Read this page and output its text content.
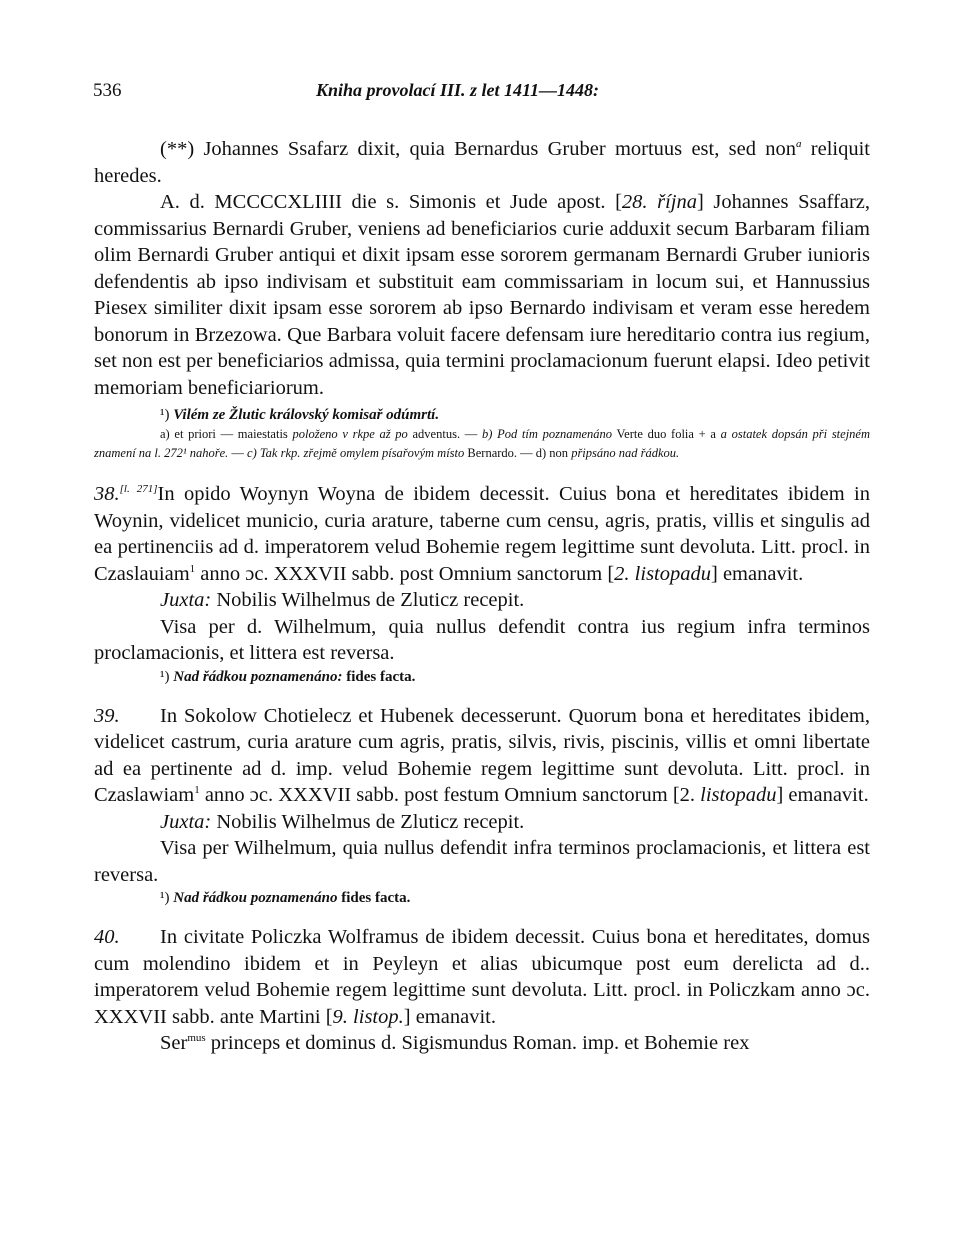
536	Kniha provolací III. z let 1411—1448:

(**) Johannes Ssafarz dixit, quia Bernardus Gruber mortuus est, sed non$^a$ reliquit heredes.

A. d. MCCCCXLIIII die s. Simonis et Jude apost. [28. října] Johannes Ssaffarz, commissarius Bernardi Gruber, veniens ad beneficiarios curie adduxit secum Barbaram filiam olim Bernardi Gruber antiqui et dixit ipsam esse sororem germanam Bernardi Gruber iunioris defendentis ab ipso indivisam et substituit eam commissariam in locum sui, et Hannussius Piesex similiter dixit ipsam esse sororem ab ipso Bernardo indivisam et veram esse heredem bonorum in Brzezowa. Que Barbara voluit facere defensam iure hereditario contra ius regium, set non est per beneficiarios admissa, quia termini proclamacionum fuerunt elapsi. Ideo petivit memoriam beneficiariorum.

¹) Vilém ze Žlutic královský komisař odúmrtí.

a) et priori — maiestatis položeno v rkpe až po adventus. — b) Pod tím poznamenáno Verte duo folia + a a ostatek dopsán při stejném znamení na l. 272¹ nahoře. — c) Tak rkp. zřejmě omylem písařovým místo Bernardo. — d) non připsáno nad řádkou.

38.[l. 271]In opido Woynyn Woyna de ibidem decessit. Cuius bona et hereditates ibidem in Woynin, videlicet municio, curia arature, taberne cum censu, agris, pratis, villis et singulis ad ea pertinenciis ad d. imperatorem velud Bohemie regem legittime sunt devoluta. Litt. procl. in Czaslauiam$^1$ anno ɔc. XXXVII sabb. post Omnium sanctorum [2. listopadu] emanavit.

Juxta: Nobilis Wilhelmus de Zluticz recepit.

Visa per d. Wilhelmum, quia nullus defendit contra ius regium infra terminos proclamacionis, et littera est reversa.

¹) Nad řádkou poznamenáno: fides facta.

39. In Sokolow Chotielecz et Hubenek decesserunt. Quorum bona et hereditates ibidem, videlicet castrum, curia arature cum agris, pratis, silvis, rivis, piscinis, villis et omni libertate ad ea pertinente ad d. imp. velud Bohemie regem legittime sunt devoluta. Litt. procl. in Czaslawiam$^1$ anno ɔc. XXXVII sabb. post festum Omnium sanctorum [2. listopadu] emanavit.

Juxta: Nobilis Wilhelmus de Zluticz recepit.

Visa per Wilhelmum, quia nullus defendit infra terminos proclamacionis, et littera est reversa.

¹) Nad řádkou poznamenáno fides facta.

40. In civitate Policzka Wolframus de ibidem decessit. Cuius bona et hereditates, domus cum molendino ibidem et in Peyleyn et alias ubicumque post eum derelicta ad d.. imperatorem velud Bohemie regem legittime sunt devoluta. Litt. procl. in Policzkam anno ɔc. XXXVII sabb. ante Martini [9. listop.] emanavit.

Ser$^{mus}$ princeps et dominus d. Sigismundus Roman. imp. et Bohemie rex
